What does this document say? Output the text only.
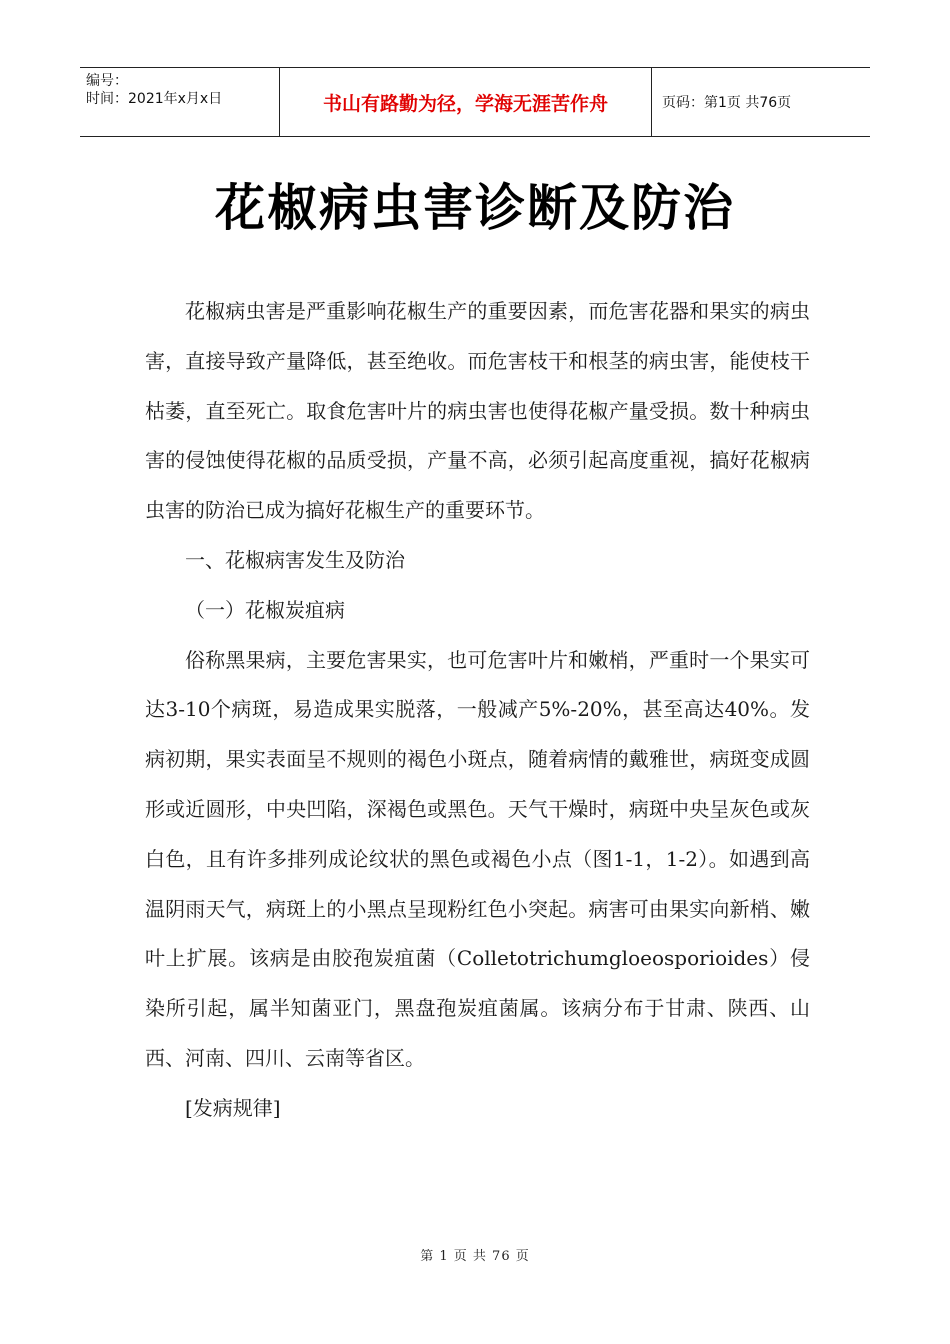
编号：
时间：2021年x月x日	书山有路勤为径，学海无涯苦作舟	页码：第1页 共76页
花椒病虫害诊断及防治

花椒病虫害是严重影响花椒生产的重要因素，而危害花器和果实的病虫害，直接导致产量降低，甚至绝收。而危害枝干和根茎的病虫害，能使枝干枯萎，直至死亡。取食危害叶片的病虫害也使得花椒产量受损。数十种病虫害的侵蚀使得花椒的品质受损，产量不高，必须引起高度重视，搞好花椒病虫害的防治已成为搞好花椒生产的重要环节。

一、花椒病害发生及防治

（一）花椒炭疽病

俗称黑果病，主要危害果实，也可危害叶片和嫩梢，严重时一个果实可达3-10个病斑，易造成果实脱落，一般减产5%-20%，甚至高达40%。发病初期，果实表面呈不规则的褐色小斑点，随着病情的戴雅世，病斑变成圆形或近圆形，中央凹陷，深褐色或黑色。天气干燥时，病斑中央呈灰色或灰白色，且有许多排列成论纹状的黑色或褐色小点（图1-1，1-2）。如遇到高温阴雨天气，病斑上的小黑点呈现粉红色小突起。病害可由果实向新梢、嫩叶上扩展。该病是由胶孢炭疽菌（Colletotrichumgloeosporioides）侵染所引起，属半知菌亚门，黑盘孢炭疽菌属。该病分布于甘肃、陕西、山西、河南、四川、云南等省区。

[发病规律]

第 1 页 共 76 页
